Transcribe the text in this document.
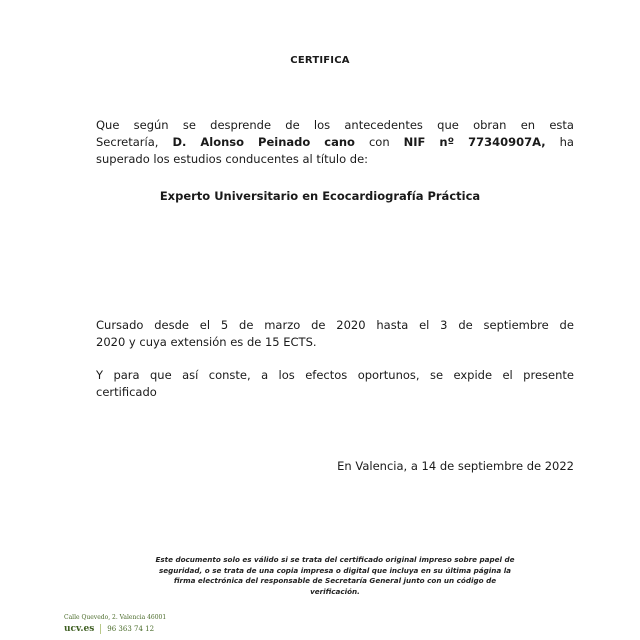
CERTIFICA
Que según se desprende de los antecedentes que obran en esta
Secretaría, D. Alonso Peinado cano con NIF nº 77340907A, ha
superado los estudios conducentes al título de:
Experto Universitario en Ecocardiografía Práctica
Cursado desde el 5 de marzo de 2020 hasta el 3 de septiembre de
2020 y cuya extensión es de 15 ECTS.
Y para que así conste, a los efectos oportunos, se expide el presente
certificado
En Valencia, a 14 de septiembre de 2022
Este documento solo es válido si se trata del certificado original impreso sobre papel de seguridad, o se trata de una copia impresa o digital que incluya en su última página la firma electrónica del responsable de Secretaría General junto con un código de verificación.
Calle Quevedo, 2. Valencia 46001
ucv.es 96 363 74 12
